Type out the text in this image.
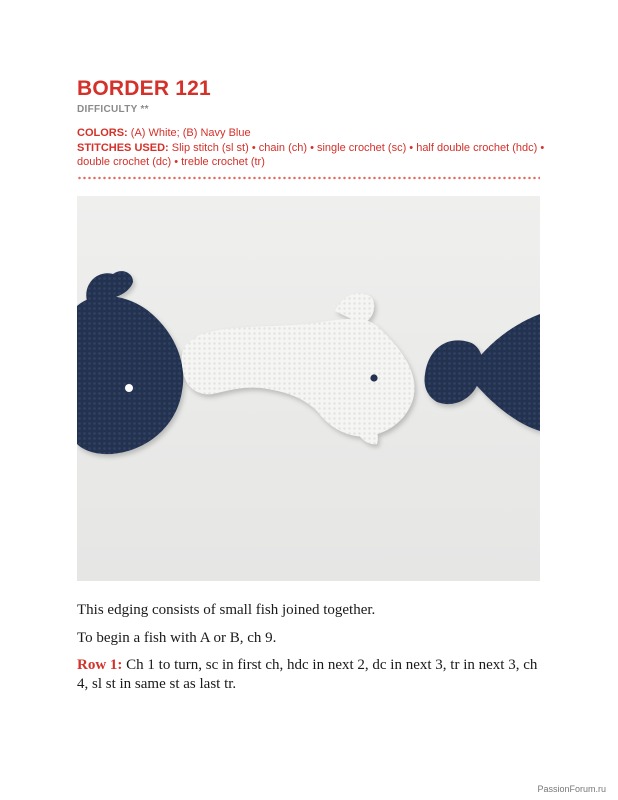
BORDER 121
DIFFICULTY **
COLORS: (A) White; (B) Navy Blue
STITCHES USED: Slip stitch (sl st) • chain (ch) • single crochet (sc) • half double crochet (hdc) • double crochet (dc) • treble crochet (tr)

This edging consists of small fish joined together.

To begin a fish with A or B, ch 9.

Row 1: Ch 1 to turn, sc in first ch, hdc in next 2, dc in next 3, tr in next 3, ch 4, sl st in same st as last tr.

PassionForum.ru
